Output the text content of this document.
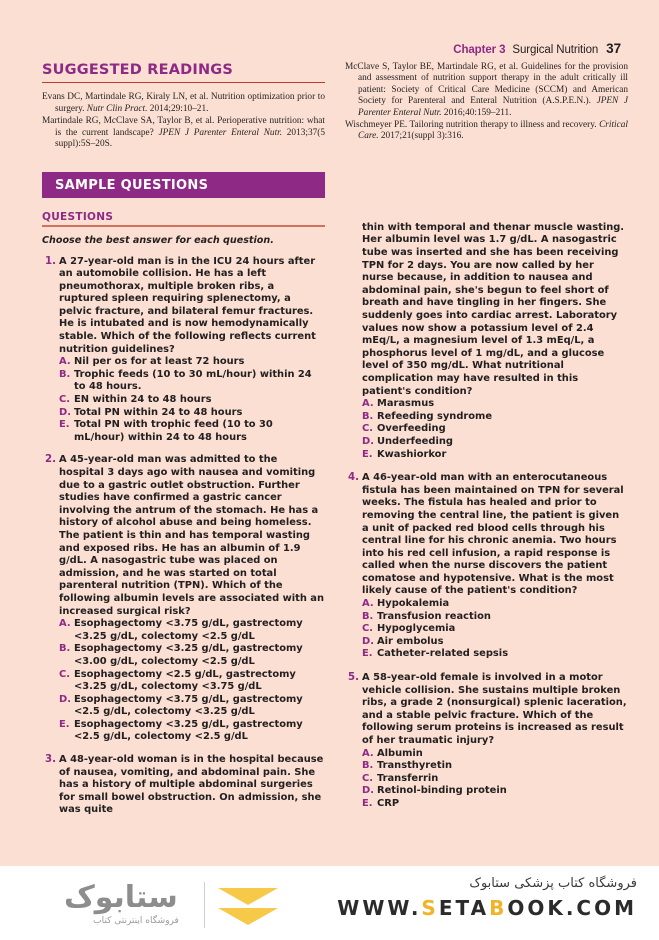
Chapter 3 Surgical Nutrition 37
SUGGESTED READINGS
Evans DC, Martindale RG, Kiraly LN, et al. Nutrition optimization prior to surgery. Nutr Clin Pract. 2014;29:10–21.
Martindale RG, McClave SA, Taylor B, et al. Perioperative nutrition: what is the current landscape? JPEN J Parenter Enteral Nutr. 2013;37(5 suppl):5S–20S.
SAMPLE QUESTIONS
QUESTIONS
Choose the best answer for each question.
1. A 27-year-old man is in the ICU 24 hours after an automobile collision. He has a left pneumothorax, multiple broken ribs, a ruptured spleen requiring splenectomy, a pelvic fracture, and bilateral femur fractures. He is intubated and is now hemodynamically stable. Which of the following reflects current nutrition guidelines?
A. Nil per os for at least 72 hours
B. Trophic feeds (10 to 30 mL/hour) within 24 to 48 hours.
C. EN within 24 to 48 hours
D. Total PN within 24 to 48 hours
E. Total PN with trophic feed (10 to 30 mL/hour) within 24 to 48 hours
2. A 45-year-old man was admitted to the hospital 3 days ago with nausea and vomiting due to a gastric outlet obstruction. Further studies have confirmed a gastric cancer involving the antrum of the stomach. He has a history of alcohol abuse and being homeless. The patient is thin and has temporal wasting and exposed ribs. He has an albumin of 1.9 g/dL. A nasogastric tube was placed on admission, and he was started on total parenteral nutrition (TPN). Which of the following albumin levels are associated with an increased surgical risk?
A. Esophagectomy <3.75 g/dL, gastrectomy <3.25 g/dL, colectomy <2.5 g/dL
B. Esophagectomy <3.25 g/dL, gastrectomy <3.00 g/dL, colectomy <2.5 g/dL
C. Esophagectomy <2.5 g/dL, gastrectomy <3.25 g/dL, colectomy <3.75 g/dL
D. Esophagectomy <3.75 g/dL, gastrectomy <2.5 g/dL, colectomy <3.25 g/dL
E. Esophagectomy <3.25 g/dL, gastrectomy <2.5 g/dL, colectomy <2.5 g/dL
3. A 48-year-old woman is in the hospital because of nausea, vomiting, and abdominal pain. She has a history of multiple abdominal surgeries for small bowel obstruction. On admission, she was quite
McClave S, Taylor BE, Martindale RG, et al. Guidelines for the provision and assessment of nutrition support therapy in the adult critically ill patient: Society of Critical Care Medicine (SCCM) and American Society for Parenteral and Enteral Nutrition (A.S.P.E.N.). JPEN J Parenter Enteral Nutr. 2016;40:159–211.
Wischmeyer PE. Tailoring nutrition therapy to illness and recovery. Critical Care. 2017;21(suppl 3):316.
thin with temporal and thenar muscle wasting. Her albumin level was 1.7 g/dL. A nasogastric tube was inserted and she has been receiving TPN for 2 days. You are now called by her nurse because, in addition to nausea and abdominal pain, she's begun to feel short of breath and have tingling in her fingers. She suddenly goes into cardiac arrest. Laboratory values now show a potassium level of 2.4 mEq/L, a magnesium level of 1.3 mEq/L, a phosphorus level of 1 mg/dL, and a glucose level of 350 mg/dL. What nutritional complication may have resulted in this patient's condition?
A. Marasmus
B. Refeeding syndrome
C. Overfeeding
D. Underfeeding
E. Kwashiorkor
4. A 46-year-old man with an enterocutaneous fistula has been maintained on TPN for several weeks. The fistula has healed and prior to removing the central line, the patient is given a unit of packed red blood cells through his central line for his chronic anemia. Two hours into his red cell infusion, a rapid response is called when the nurse discovers the patient comatose and hypotensive. What is the most likely cause of the patient's condition?
A. Hypokalemia
B. Transfusion reaction
C. Hypoglycemia
D. Air embolus
E. Catheter-related sepsis
5. A 58-year-old female is involved in a motor vehicle collision. She sustains multiple broken ribs, a grade 2 (nonsurgical) splenic laceration, and a stable pelvic fracture. Which of the following serum proteins is increased as result of her traumatic injury?
A. Albumin
B. Transthyretin
C. Transferrin
D. Retinol-binding protein
E. CRP
ستابوک
فروشگاه اینترنتی کتاب
فروشگاه کتاب پزشکی ستابوک
WWW.SETABOOK.COM
